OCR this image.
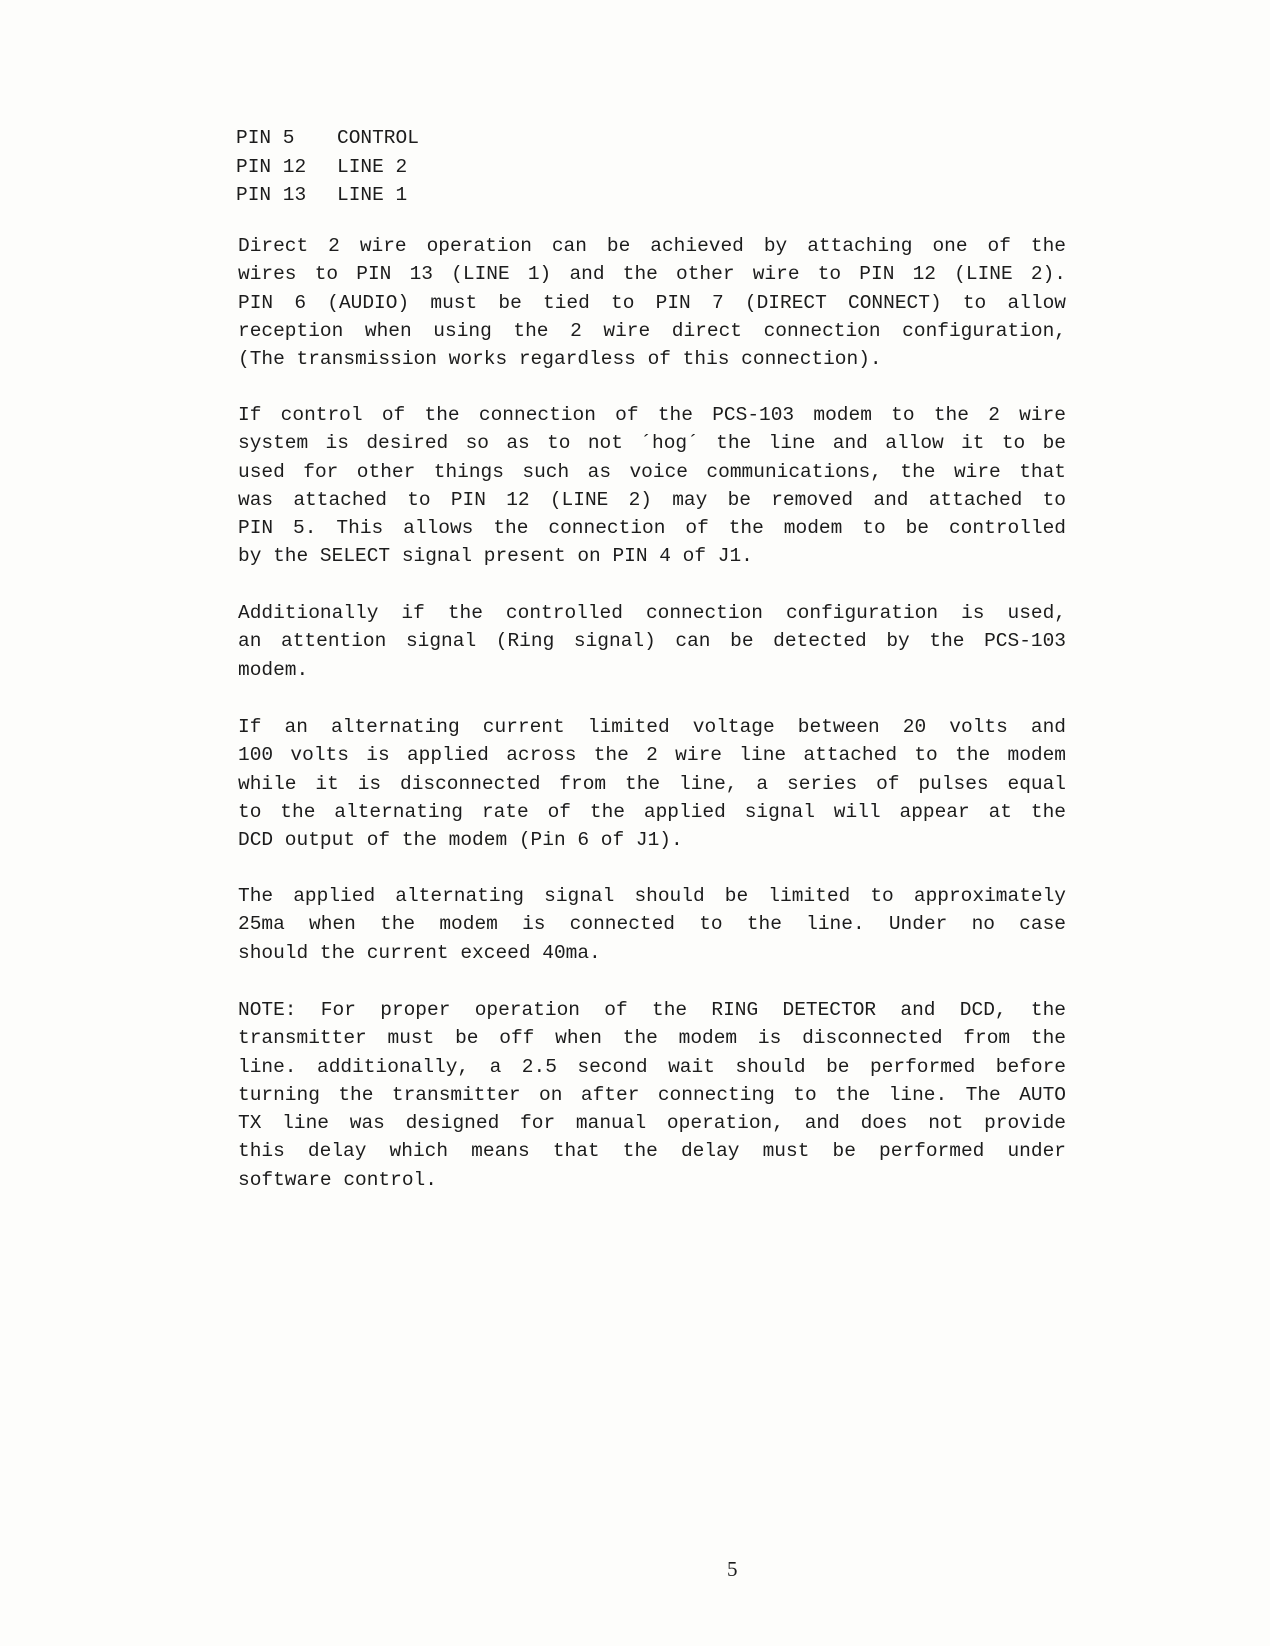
PIN 5	CONTROL
PIN 12	LINE 2
PIN 13	LINE 1
Direct 2 wire operation can be achieved by attaching one of the
wires to PIN 13 (LINE 1) and the other wire to PIN 12 (LINE 2).
PIN 6 (AUDIO) must be tied to PIN 7 (DIRECT CONNECT) to allow
reception when using the 2 wire direct connection configuration,
(The transmission works regardless of this connection).
If control of the connection of the PCS-103 modem to the 2 wire
system is desired so as to not ´hog´ the line and allow it to be
used for other things such as voice communications, the wire that
was attached to PIN 12 (LINE 2) may be removed and attached to
PIN 5. This allows the connection of the modem to be controlled
by the SELECT signal present on PIN 4 of J1.
Additionally if the controlled connection configuration is used,
an attention signal (Ring signal) can be detected by the PCS-103
modem.
If an alternating current limited voltage between 20 volts and
100 volts is applied across the 2 wire line attached to the modem
while it is disconnected from the line, a series of pulses equal
to the alternating rate of the applied signal will appear at the
DCD output of the modem (Pin 6 of J1).
The applied alternating signal should be limited to approximately
25ma when the modem is connected to the line. Under no case
should the current exceed 40ma.
NOTE: For proper operation of the RING DETECTOR and DCD, the
transmitter must be off when the modem is disconnected from the
line. additionally, a 2.5 second wait should be performed before
turning the transmitter on after connecting to the line. The AUTO
TX line was designed for manual operation, and does not provide
this delay which means that the delay must be performed under
software control.
5
